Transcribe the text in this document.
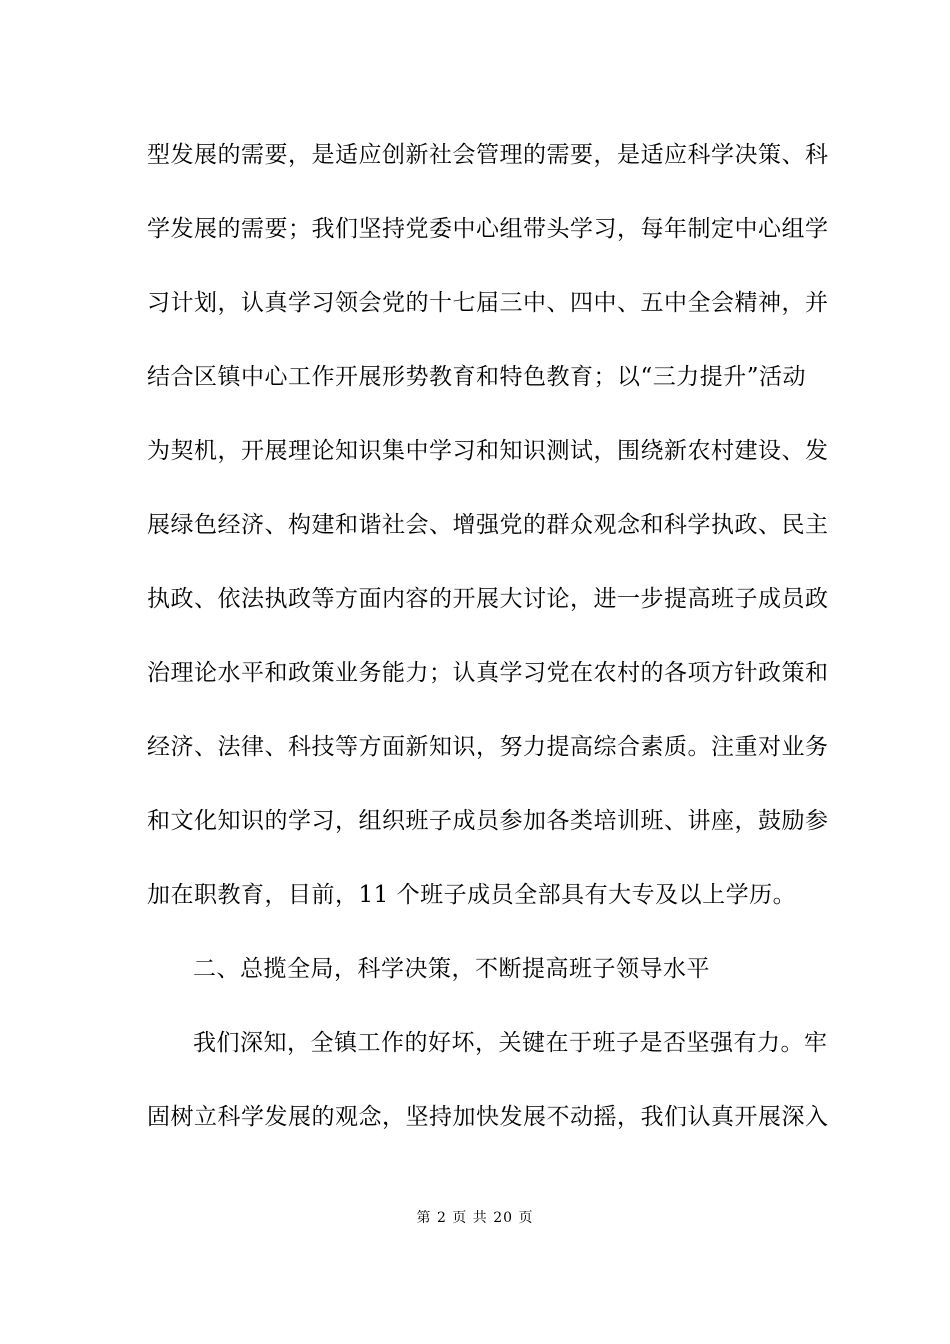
型发展的需要，是适应创新社会管理的需要，是适应科学决策、科
学发展的需要；我们坚持党委中心组带头学习，每年制定中心组学
习计划，认真学习领会党的十七届三中、四中、五中全会精神，并
结合区镇中心工作开展形势教育和特色教育；以“三力提升”活动
为契机，开展理论知识集中学习和知识测试，围绕新农村建设、发
展绿色经济、构建和谐社会、增强党的群众观念和科学执政、民主
执政、依法执政等方面内容的开展大讨论，进一步提高班子成员政
治理论水平和政策业务能力；认真学习党在农村的各项方针政策和
经济、法律、科技等方面新知识，努力提高综合素质。注重对业务
和文化知识的学习，组织班子成员参加各类培训班、讲座，鼓励参
加在职教育，目前，11 个班子成员全部具有大专及以上学历。
二、总揽全局，科学决策，不断提高班子领导水平
我们深知，全镇工作的好坏，关键在于班子是否坚强有力。牢
固树立科学发展的观念，坚持加快发展不动摇，我们认真开展深入
第 2 页 共 20 页
